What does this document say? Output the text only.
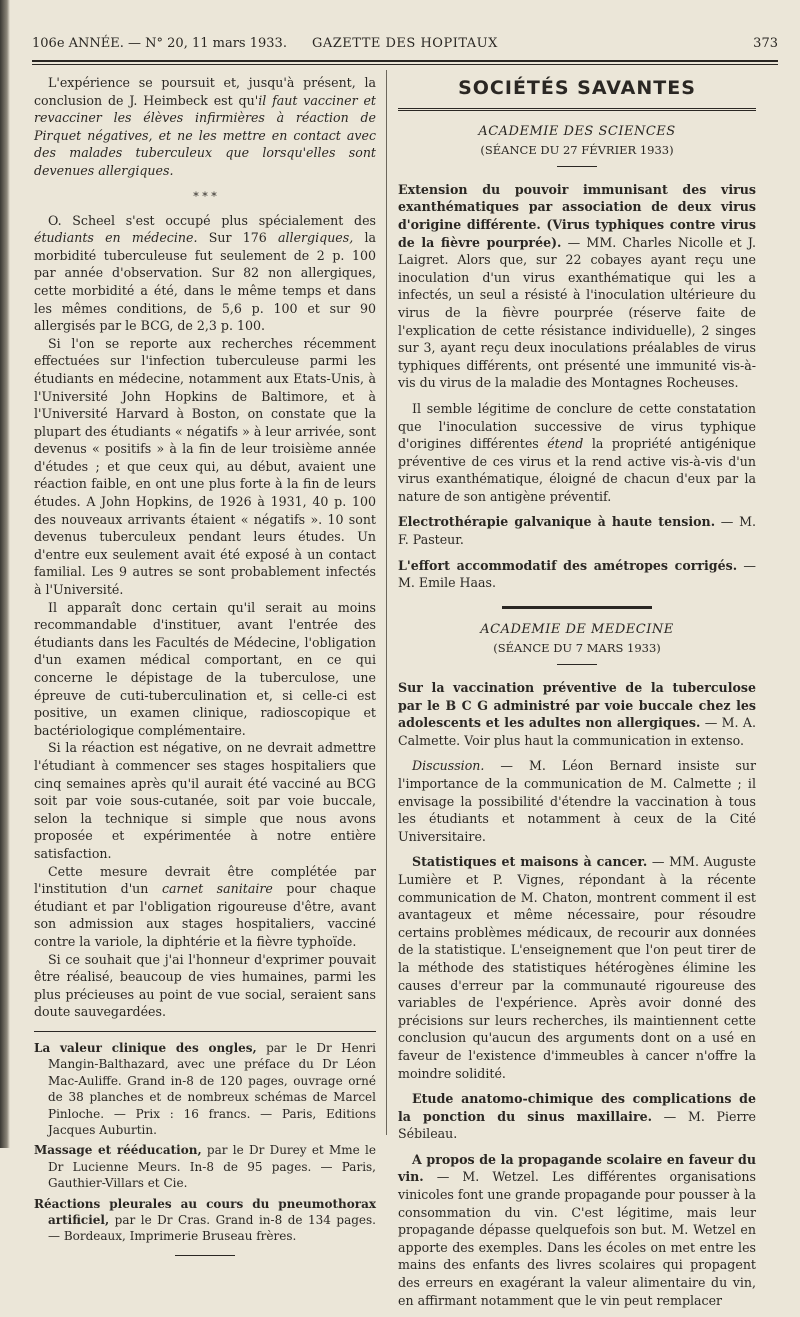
106e ANNÉE. — N° 20, 11 mars 1933. GAZETTE DES HOPITAUX	373

L'expérience se poursuit et, jusqu'à présent, la conclusion de J. Heimbeck est qu'il faut vacciner et revacciner les élèves infirmières à réaction de Pirquet négatives, et ne les mettre en contact avec des malades tuberculeux que lorsqu'elles sont devenues allergiques.

* * *

O. Scheel s'est occupé plus spécialement des étudiants en médecine. Sur 176 allergiques, la morbidité tuberculeuse fut seulement de 2 p. 100 par année d'observation. Sur 82 non allergiques, cette morbidité a été, dans le même temps et dans les mêmes conditions, de 5,6 p. 100 et sur 90 allergisés par le BCG, de 2,3 p. 100.

Si l'on se reporte aux recherches récemment effectuées sur l'infection tuberculeuse parmi les étudiants en médecine, notamment aux Etats-Unis, à l'Université John Hopkins de Baltimore, et à l'Université Harvard à Boston, on constate que la plupart des étudiants « négatifs » à leur arrivée, sont devenus « positifs » à la fin de leur troisième année d'études ; et que ceux qui, au début, avaient une réaction faible, en ont une plus forte à la fin de leurs études. A John Hopkins, de 1926 à 1931, 40 p. 100 des nouveaux arrivants étaient « négatifs ». 10 sont devenus tuberculeux pendant leurs études. Un d'entre eux seulement avait été exposé à un contact familial. Les 9 autres se sont probablement infectés à l'Université.

Il apparaît donc certain qu'il serait au moins recommandable d'instituer, avant l'entrée des étudiants dans les Facultés de Médecine, l'obligation d'un examen médical comportant, en ce qui concerne le dépistage de la tuberculose, une épreuve de cuti-tuberculination et, si celle-ci est positive, un examen clinique, radioscopique et bactériologique complémentaire.

Si la réaction est négative, on ne devrait admettre l'étudiant à commencer ses stages hospitaliers que cinq semaines après qu'il aurait été vacciné au BCG soit par voie sous-cutanée, soit par voie buccale, selon la technique si simple que nous avons proposée et expérimentée à notre entière satisfaction.

Cette mesure devrait être complétée par l'institution d'un carnet sanitaire pour chaque étudiant et par l'obligation rigoureuse d'être, avant son admission aux stages hospitaliers, vacciné contre la variole, la diphtérie et la fièvre typhoïde.

Si ce souhait que j'ai l'honneur d'exprimer pouvait être réalisé, beaucoup de vies humaines, parmi les plus précieuses au point de vue social, seraient sans doute sauvegardées.

La valeur clinique des ongles, par le Dr Henri Mangin-Balthazard, avec une préface du Dr Léon Mac-Auliffe. Grand in-8 de 120 pages, ouvrage orné de 38 planches et de nombreux schémas de Marcel Pinloche. — Prix : 16 francs. — Paris, Editions Jacques Auburtin.
Massage et rééducation, par le Dr Durey et Mme le Dr Lucienne Meurs. In-8 de 95 pages. — Paris, Gauthier-Villars et Cie.
Réactions pleurales au cours du pneumothorax artificiel, par le Dr Cras. Grand in-8 de 134 pages. — Bordeaux, Imprimerie Bruseau frères.
SOCIÉTÉS SAVANTES
ACADEMIE DES SCIENCES
(SÉANCE DU 27 FÉVRIER 1933)

Extension du pouvoir immunisant des virus exanthématiques par association de deux virus d'origine différente. (Virus typhiques contre virus de la fièvre pourprée). — MM. Charles Nicolle et J. Laigret. Alors que, sur 22 cobayes ayant reçu une inoculation d'un virus exanthématique qui les a infectés, un seul a résisté à l'inoculation ultérieure du virus de la fièvre pourprée (réserve faite de l'explication de cette résistance individuelle), 2 singes sur 3, ayant reçu deux inoculations préalables de virus typhiques différents, ont présenté une immunité vis-à-vis du virus de la maladie des Montagnes Rocheuses.

Il semble légitime de conclure de cette constatation que l'inoculation successive de virus typhique d'origines différentes étend la propriété antigénique préventive de ces virus et la rend active vis-à-vis d'un virus exanthématique, éloigné de chacun d'eux par la nature de son antigène préventif.

Electrothérapie galvanique à haute tension. — M. F. Pasteur.

L'effort accommodatif des amétropes corrigés. — M. Emile Haas.

ACADEMIE DE MEDECINE
(SÉANCE DU 7 MARS 1933)

Sur la vaccination préventive de la tuberculose par le B C G administré par voie buccale chez les adolescents et les adultes non allergiques. — M. A. Calmette. Voir plus haut la communication in extenso.

Discussion. — M. Léon Bernard insiste sur l'importance de la communication de M. Calmette ; il envisage la possibilité d'étendre la vaccination à tous les étudiants et notamment à ceux de la Cité Universitaire.

Statistiques et maisons à cancer. — MM. Auguste Lumière et P. Vignes, répondant à la récente communication de M. Chaton, montrent comment il est avantageux et même nécessaire, pour résoudre certains problèmes médicaux, de recourir aux données de la statistique. L'enseignement que l'on peut tirer de la méthode des statistiques hétérogènes élimine les causes d'erreur par la communauté rigoureuse des variables de l'expérience. Après avoir donné des précisions sur leurs recherches, ils maintiennent cette conclusion qu'aucun des arguments dont on a usé en faveur de l'existence d'immeubles à cancer n'offre la moindre solidité.

Etude anatomo-chimique des complications de la ponction du sinus maxillaire. — M. Pierre Sébileau.

A propos de la propagande scolaire en faveur du vin. — M. Wetzel. Les différentes organisations vinicoles font une grande propagande pour pousser à la consommation du vin. C'est légitime, mais leur propagande dépasse quelquefois son but. M. Wetzel en apporte des exemples. Dans les écoles on met entre les mains des enfants des livres scolaires qui propagent des erreurs en exagérant la valeur alimentaire du vin, en affirmant notamment que le vin peut remplacer
